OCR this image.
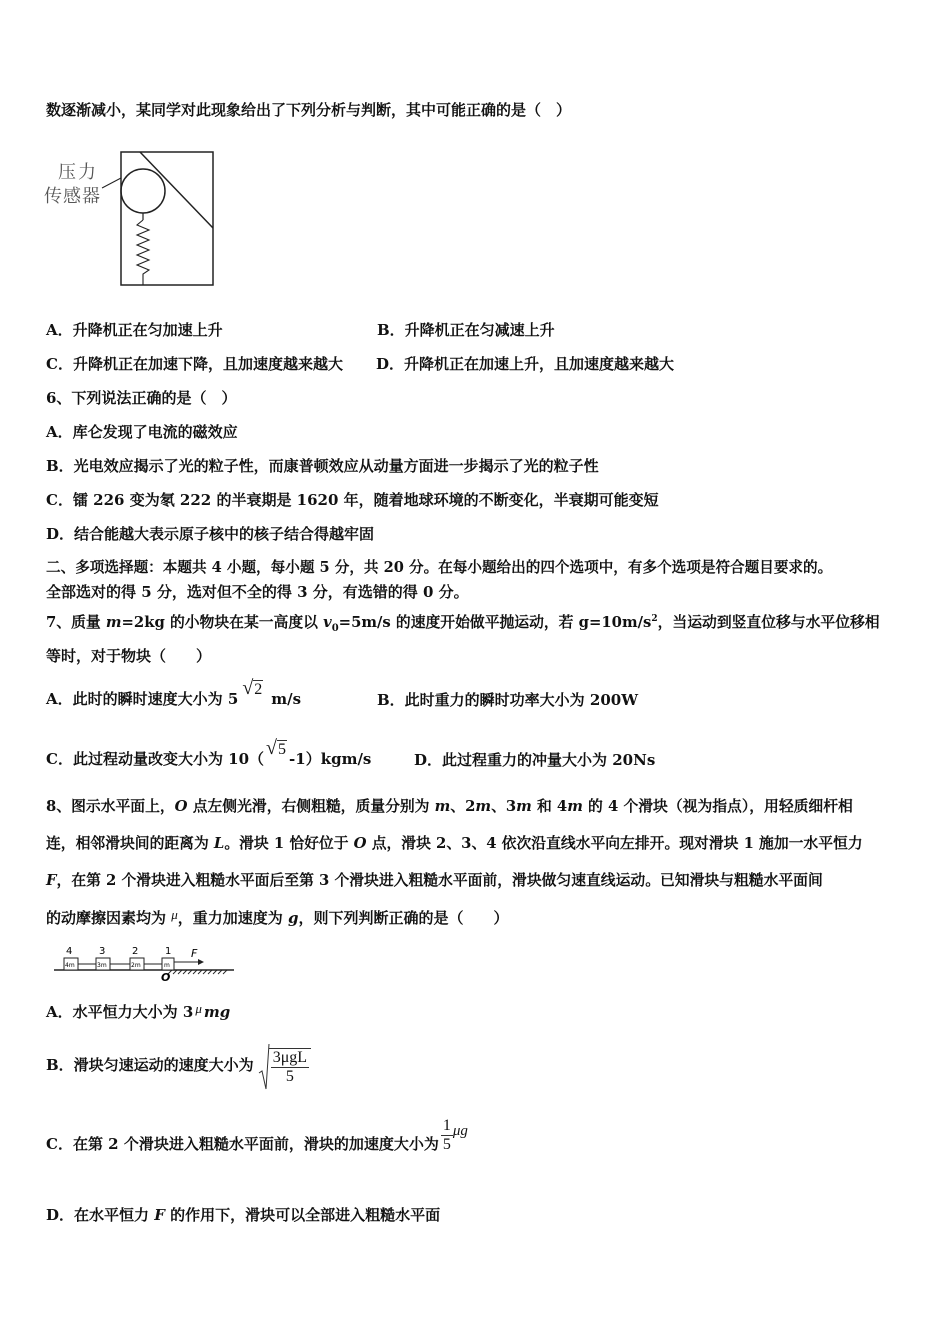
数逐渐减小，某同学对此现象给出了下列分析与判断，其中可能正确的是（　）
压力
传感器
A．升降机正在匀加速上升	B．升降机正在匀减速上升
C．升降机正在加速下降，且加速度越来越大 D．升降机正在加速上升，且加速度越来越大
6、下列说法正确的是（　）
A．库仑发现了电流的磁效应
B．光电效应揭示了光的粒子性，而康普顿效应从动量方面进一步揭示了光的粒子性
C．镭 226 变为氡 222 的半衰期是 1620 年，随着地球环境的不断变化，半衰期可能变短
D．结合能越大表示原子核中的核子结合得越牢固
二、多项选择题：本题共 4 小题，每小题 5 分，共 20 分。在每小题给出的四个选项中，有多个选项是符合题目要求的。
全部选对的得 5 分，选对但不全的得 3 分，有选错的得 0 分。
7、质量 m=2kg 的小物块在某一高度以 $v_0=5m/s$ 的速度开始做平抛运动，若 $g=10m/s^2$，当运动到竖直位移与水平位移相
等时，对于物块（　　）
A．此时的瞬时速度大小为 5 √2m/s	B．此时重力的瞬时功率大小为 200W
C．此过程动量改变大小为 10（ √5-1）kgm/s	D．此过程重力的冲量大小为 20Ns
8、图示水平面上，O 点左侧光滑，右侧粗糙，质量分别为 m、2m、3m 和 4m 的 4 个滑块（视为指点），用轻质细杆相
连，相邻滑块间的距离为 L。滑块 1 恰好位于 O 点，滑块 2、3、4 依次沿直线水平向左排开。现对滑块 1 施加一水平恒力
F，在第 2 个滑块进入粗糙水平面后至第 3 个滑块进入粗糙水平面前，滑块做匀速直线运动。已知滑块与粗糙水平面间
的动摩擦因素均为 μ，重力加速度为 g，则下列判断正确的是（　　）
4m	3m	2m	m
4	3	2	1 F
O
A．水平恒力大小为 3 μ mg
B．滑块匀速运动的速度大小为 $\frac{\text{3μgL}}{5}$
C．在第 2 个滑块进入粗糙水平面前，滑块的加速度大小为 $\frac{1}{5}$ μg
D．在水平恒力 F 的作用下，滑块可以全部进入粗糙水平面
